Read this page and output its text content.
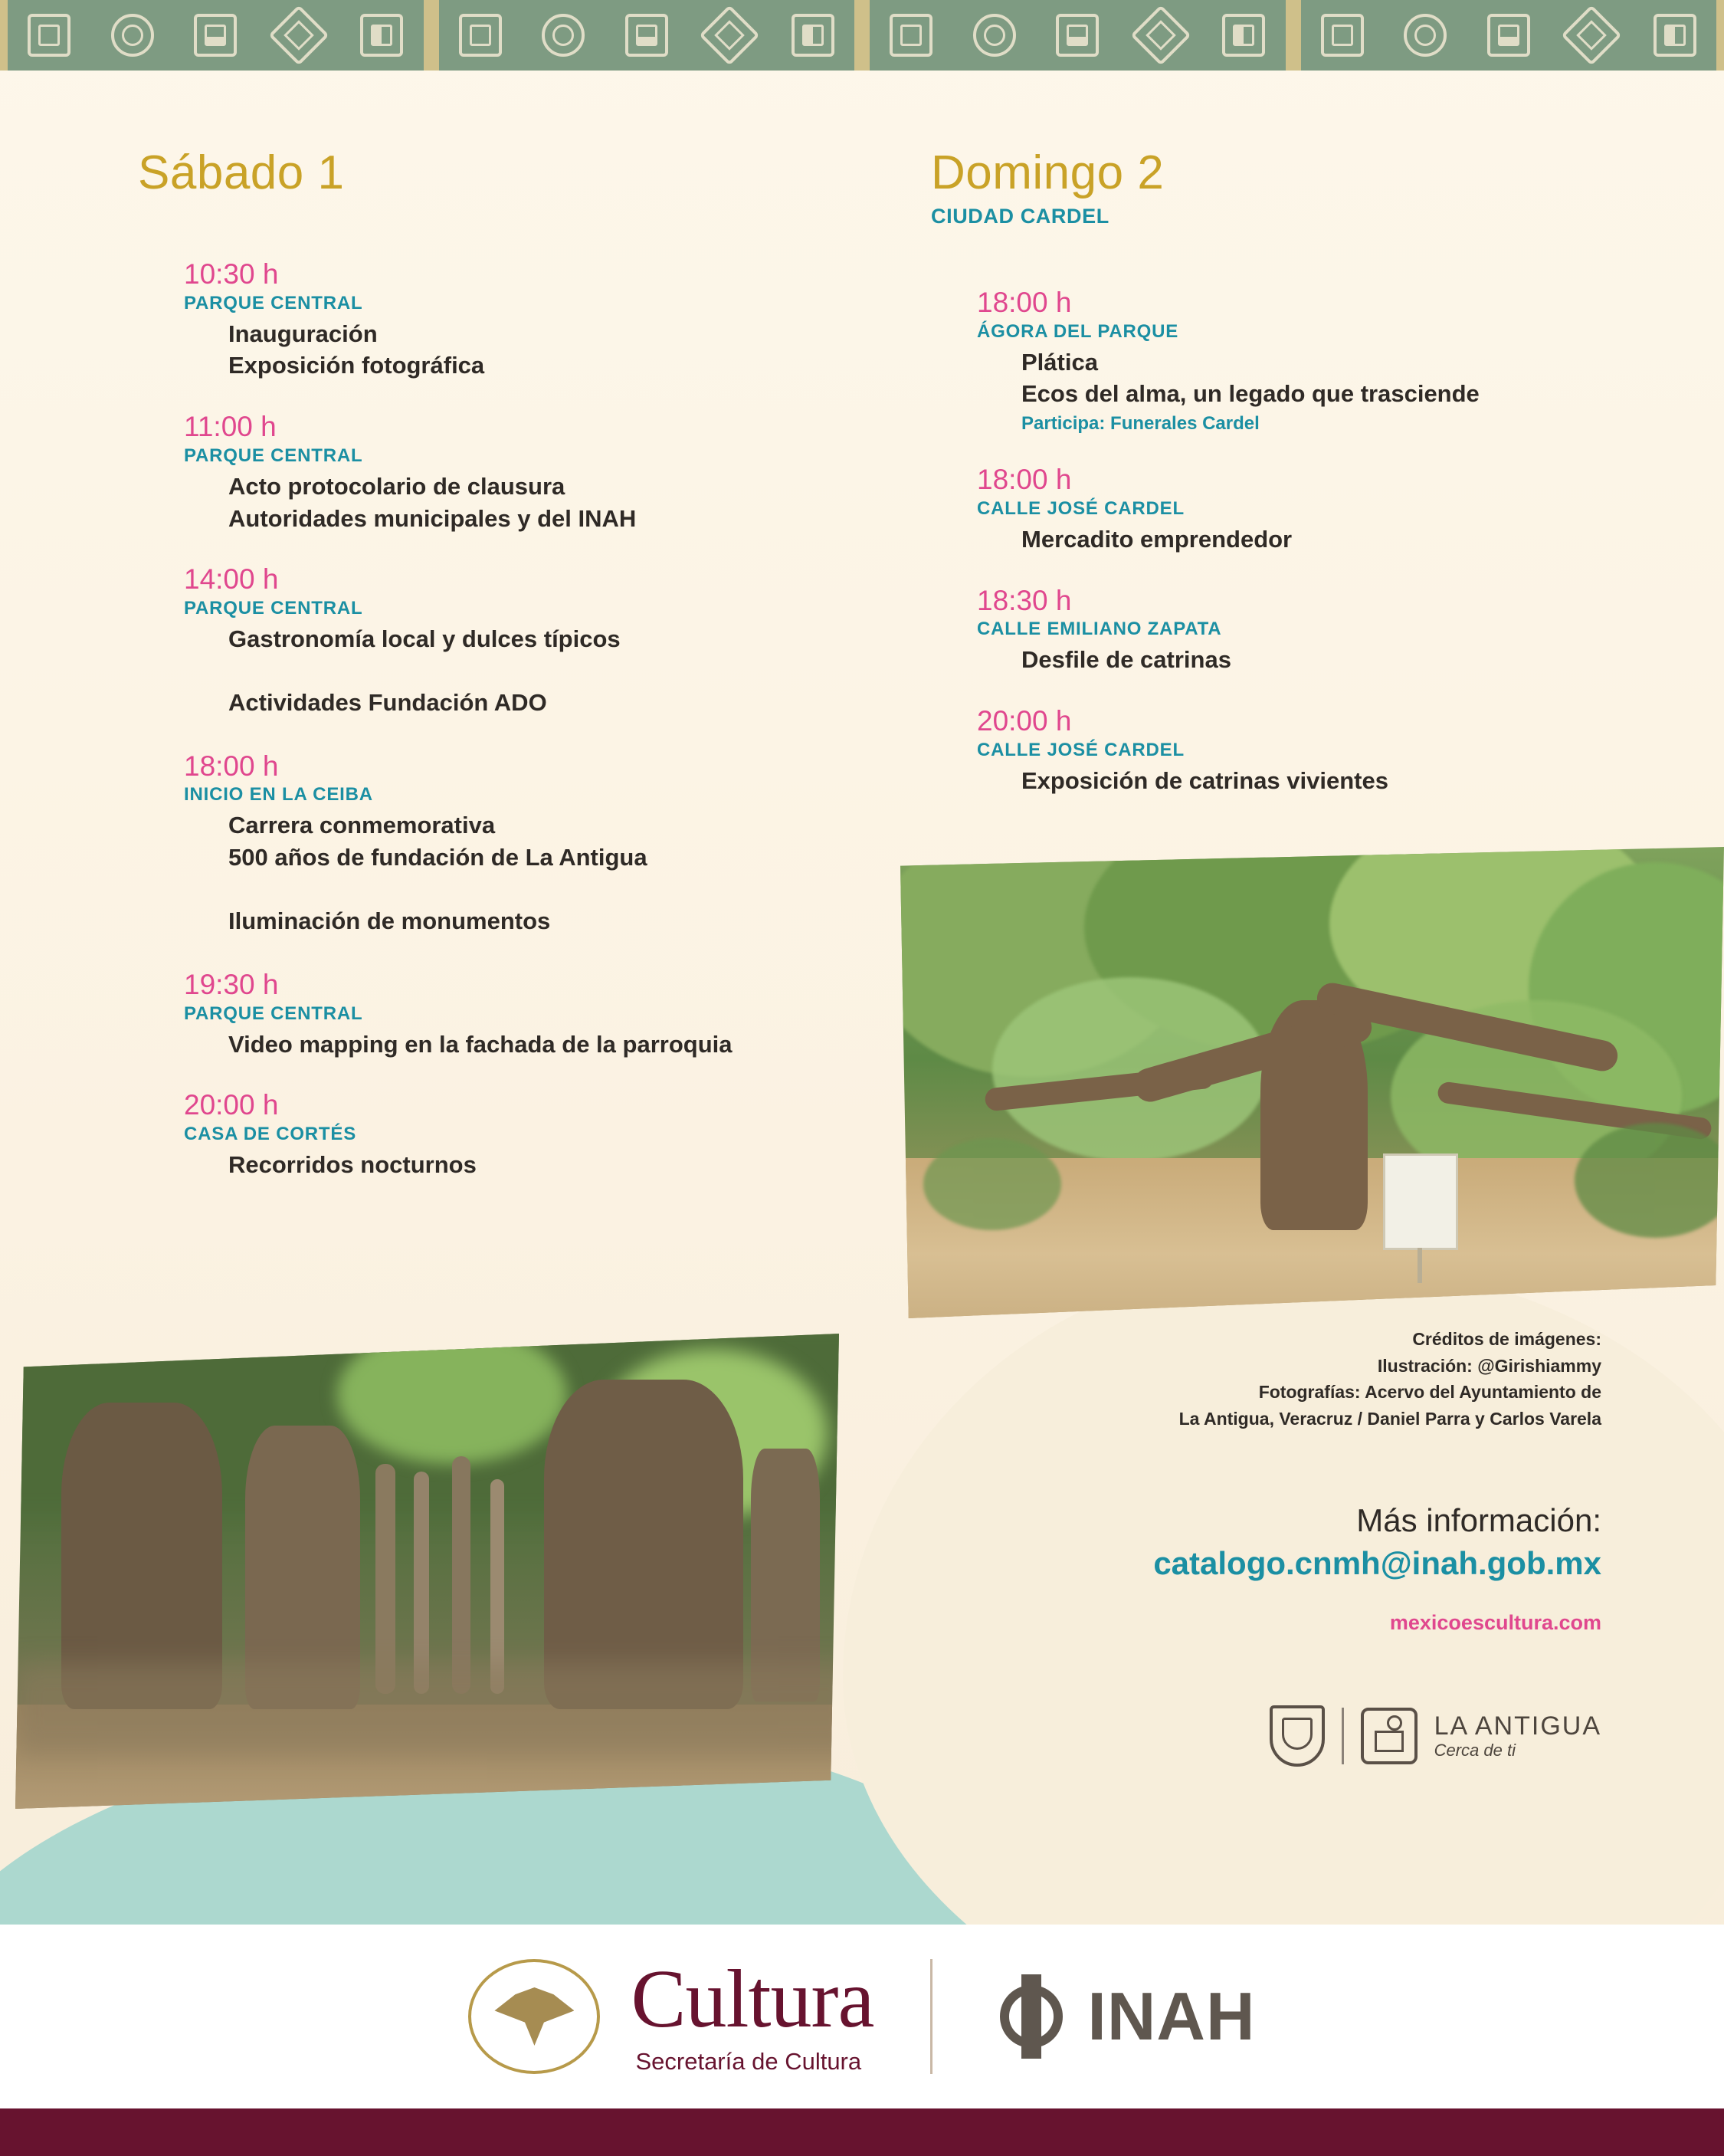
Sábado 1
10:30 h
PARQUE CENTRAL
Inauguración
Exposición fotográfica
11:00 h
PARQUE CENTRAL
Acto protocolario de clausura
Autoridades municipales y del INAH
14:00 h
PARQUE CENTRAL
Gastronomía local y dulces típicos
Actividades Fundación ADO
18:00 h
INICIO EN LA CEIBA
Carrera conmemorativa
500 años de fundación de La Antigua
Iluminación de monumentos
19:30 h
PARQUE CENTRAL
Video mapping en la fachada de la parroquia
20:00 h
CASA DE CORTÉS
Recorridos nocturnos
Domingo 2
CIUDAD CARDEL
18:00 h
ÁGORA DEL PARQUE
Plática
Ecos del alma, un legado que trasciende
Participa: Funerales Cardel
18:00 h
CALLE JOSÉ CARDEL
Mercadito emprendedor
18:30 h
CALLE EMILIANO ZAPATA
Desfile de catrinas
20:00 h
CALLE JOSÉ CARDEL
Exposición de catrinas vivientes
Créditos de imágenes:
Ilustración: @Girishiammy
Fotografías: Acervo del Ayuntamiento de
La Antigua, Veracruz / Daniel Parra y Carlos Varela
Más información:
catalogo.cnmh@inah.gob.mx
mexicoescultura.com
LA ANTIGUA
Cerca de ti
Cultura
Secretaría de Cultura
INAH
